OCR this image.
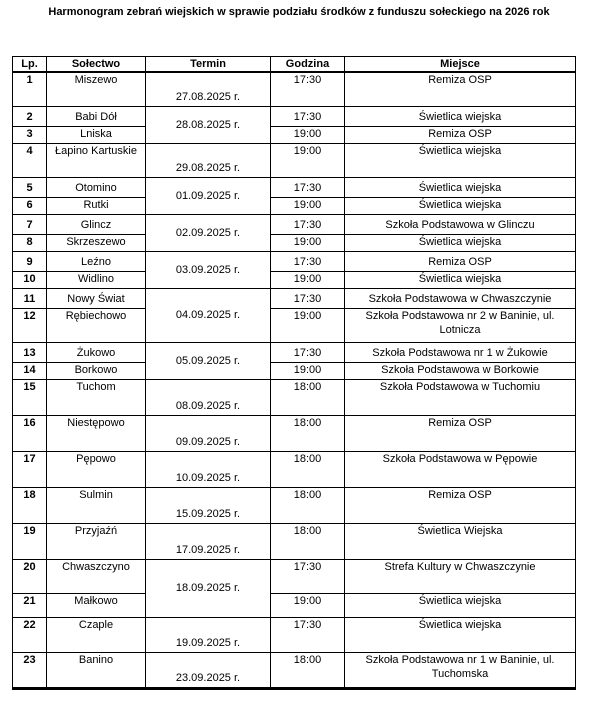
Harmonogram zebrań wiejskich w sprawie podziału środków z funduszu sołeckiego na 2026 rok
Lp.	Sołectwo	Termin	Godzina	Miejsce
1	Miszewo	27.08.2025 r.	17:30	Remiza OSP
2	Babi Dół	28.08.2025 r.	17:30	Świetlica wiejska
3	Lniska		19:00	Remiza OSP
4	Łapino Kartuskie	29.08.2025 r.	19:00	Świetlica wiejska
5	Otomino	01.09.2025 r.	17:30	Świetlica wiejska
6	Rutki		19:00	Świetlica wiejska
7	Glincz	02.09.2025 r.	17:30	Szkoła Podstawowa w Glinczu
8	Skrzeszewo		19:00	Świetlica wiejska
9	Leźno	03.09.2025 r.	17:30	Remiza OSP
10	Widlino		19:00	Świetlica wiejska
11	Nowy Świat	04.09.2025 r.	17:30	Szkoła Podstawowa w Chwaszczynie
12	Rębiechowo		19:00	Szkoła Podstawowa nr 2 w Baninie, ul. Lotnicza
13	Żukowo	05.09.2025 r.	17:30	Szkoła Podstawowa nr 1 w Żukowie
14	Borkowo		19:00	Szkoła Podstawowa w Borkowie
15	Tuchom	08.09.2025 r.	18:00	Szkoła Podstawowa w Tuchomiu
16	Niestępowo	09.09.2025 r.	18:00	Remiza OSP
17	Pępowo	10.09.2025 r.	18:00	Szkoła Podstawowa w Pępowie
18	Sulmin	15.09.2025 r.	18:00	Remiza OSP
19	Przyjaźń	17.09.2025 r.	18:00	Świetlica Wiejska
20	Chwaszczyno	18.09.2025 r.	17:30	Strefa Kultury w Chwaszczynie
21	Małkowo		19:00	Świetlica wiejska
22	Czaple	19.09.2025 r.	17:30	Świetlica wiejska
23	Banino	23.09.2025 r.	18:00	Szkoła Podstawowa nr 1 w Baninie, ul. Tuchomska
